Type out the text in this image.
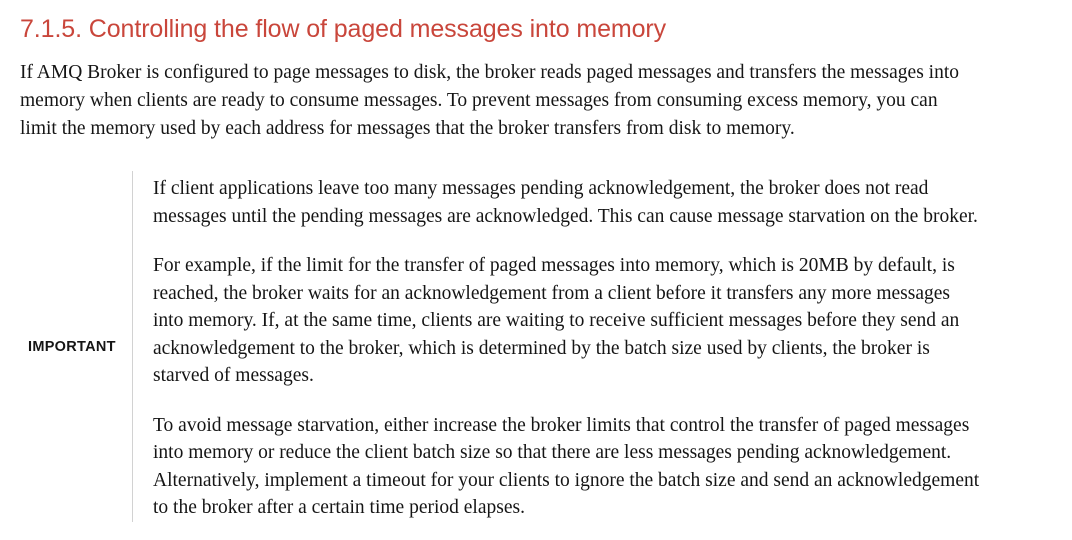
7.1.5. Controlling the flow of paged messages into memory

If AMQ Broker is configured to page messages to disk, the broker reads paged messages and transfers the messages into memory when clients are ready to consume messages. To prevent messages from consuming excess memory, you can limit the memory used by each address for messages that the broker transfers from disk to memory.

IMPORTANT

If client applications leave too many messages pending acknowledgement, the broker does not read messages until the pending messages are acknowledged. This can cause message starvation on the broker.

For example, if the limit for the transfer of paged messages into memory, which is 20MB by default, is reached, the broker waits for an acknowledgement from a client before it transfers any more messages into memory. If, at the same time, clients are waiting to receive sufficient messages before they send an acknowledgement to the broker, which is determined by the batch size used by clients, the broker is starved of messages.

To avoid message starvation, either increase the broker limits that control the transfer of paged messages into memory or reduce the client batch size so that there are less messages pending acknowledgement. Alternatively, implement a timeout for your clients to ignore the batch size and send an acknowledgement to the broker after a certain time period elapses.
